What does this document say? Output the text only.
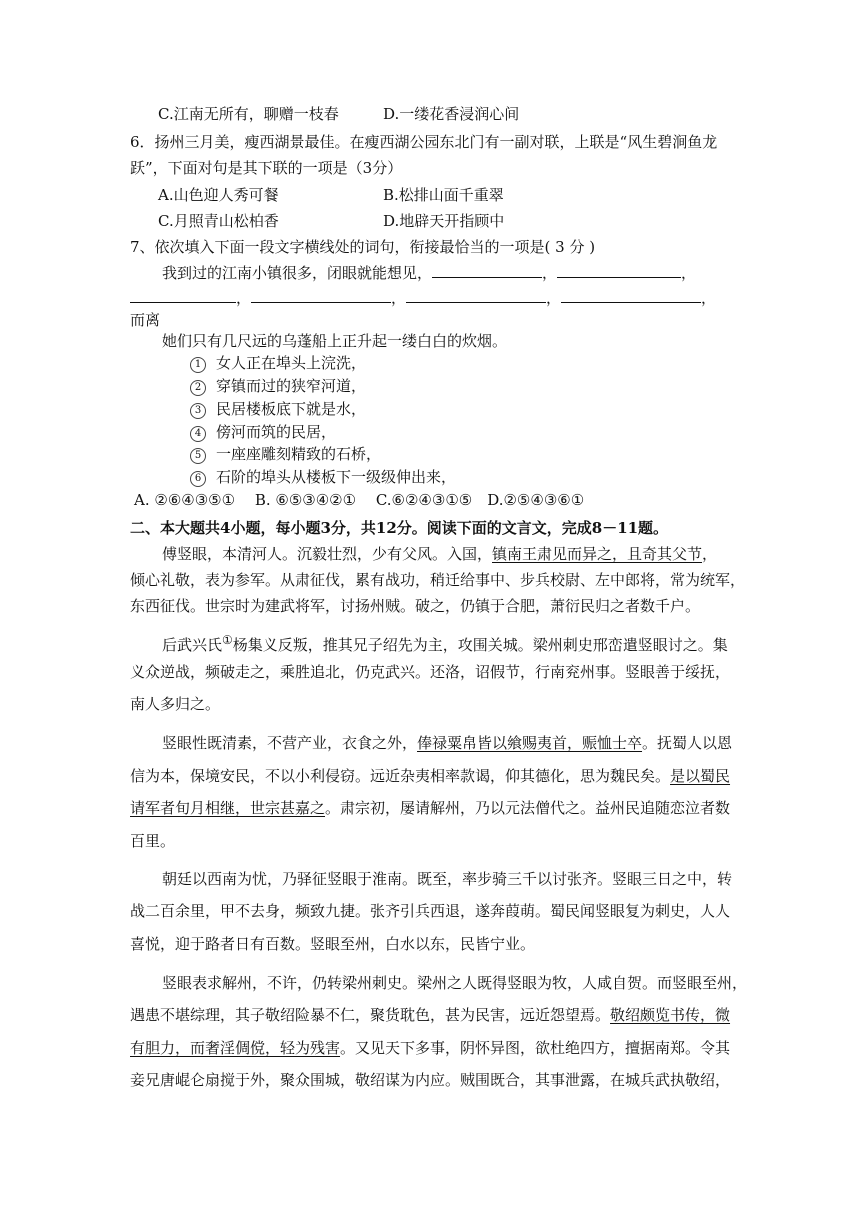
C.江南无所有，聊赠一枝春	D.一缕花香浸润心间
6．扬州三月美，瘦西湖景最佳。在瘦西湖公园东北门有一副对联，上联是“风生碧涧鱼龙
跃”，下面对句是其下联的一项是（3分）
A.山色迎人秀可餐	B.松排山面千重翠
C.月照青山松柏香	D.地辟天开指顾中
7、依次填入下面一段文字横线处的词句，衔接最恰当的一项是( 3 分 )
我到过的江南小镇很多，闭眼就能想见，	，	，
，	，	，	，
而离
她们只有几尺远的乌蓬船上正升起一缕白白的炊烟。
1 女人正在埠头上浣洗，
2 穿镇而过的狭窄河道，
3 民居楼板底下就是水，
4 傍河而筑的民居，
5 一座座雕刻精致的石桥，
6 石阶的埠头从楼板下一级级伸出来，
A. ②⑥④③⑤①　 B. ⑥⑤③④②①　 C.⑥②④③①⑤　D.②⑤④③⑥①
二、本大题共4小题，每小题3分，共12分。阅读下面的文言文，完成8－11题。
傅竖眼，本清河人。沉毅壮烈，少有父风。入国，镇南王肃见而异之，且奇其父节，
倾心礼敬，表为参军。从肃征伐，累有战功，稍迁给事中、步兵校尉、左中郎将，常为统军，
东西征伐。世宗时为建武将军，讨扬州贼。破之，仍镇于合肥，萧衍民归之者数千户。
后武兴氏①杨集义反叛，推其兄子绍先为主，攻围关城。梁州刺史邢峦遣竖眼讨之。集
义众逆战，频破走之，乘胜追北，仍克武兴。还洛，诏假节，行南兖州事。竖眼善于绥抚，
南人多归之。
竖眼性既清素，不营产业，衣食之外，俸禄粟帛皆以飨赐夷首，赈恤士卒。抚蜀人以恩
信为本，保境安民，不以小利侵窃。远近杂夷相率款谒，仰其德化，思为魏民矣。是以蜀民
请军者旬月相继，世宗甚嘉之。肃宗初，屡请解州，乃以元法僧代之。益州民追随恋泣者数
百里。
朝廷以西南为忧，乃驿征竖眼于淮南。既至，率步骑三千以讨张齐。竖眼三日之中，转
战二百余里，甲不去身，频致九捷。张齐引兵西退，遂奔葭萌。蜀民闻竖眼复为刺史，人人
喜悦，迎于路者日有百数。竖眼至州，白水以东，民皆宁业。
竖眼表求解州，不许，仍转梁州刺史。梁州之人既得竖眼为牧，人咸自贺。而竖眼至州，
遇患不堪综理，其子敬绍险暴不仁，聚货耽色，甚为民害，远近怨望焉。敬绍颇览书传，微
有胆力，而奢淫倜傥，轻为残害。又见天下多事，阴怀异图，欲杜绝四方，擅据南郑。令其
妾兄唐崐仑扇搅于外，聚众围城，敬绍谋为内应。贼围既合，其事泄露，在城兵武执敬绍，
